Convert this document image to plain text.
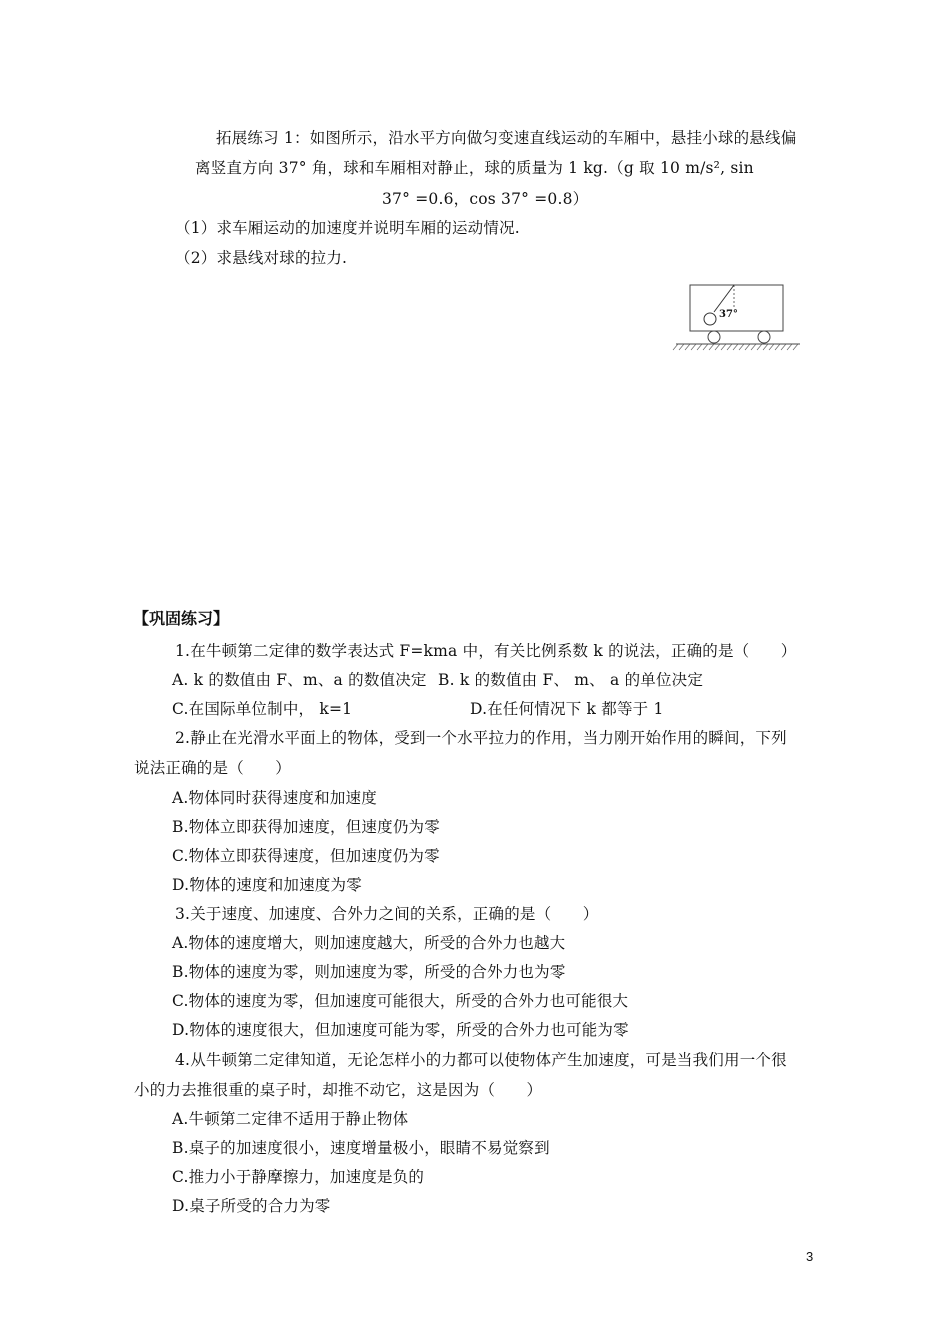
拓展练习 1：如图所示，沿水平方向做匀变速直线运动的车厢中，悬挂小球的悬线偏
离竖直方向 37° 角，球和车厢相对静止，球的质量为 1 kg.（g 取 10 m/s², sin
37° =0.6，cos 37° =0.8）
（1）求车厢运动的加速度并说明车厢的运动情况.
（2）求悬线对球的拉力.
37°
【巩固练习】
1.在牛顿第二定律的数学表达式 F=kma 中，有关比例系数 k 的说法，正确的是（　　）
A. k 的数值由 F、m、a 的数值决定 B. k 的数值由 F、 m、 a 的单位决定
C.在国际单位制中， k=1	D.在任何情况下 k 都等于 1
2.静止在光滑水平面上的物体，受到一个水平拉力的作用，当力刚开始作用的瞬间，下列
说法正确的是（　　）
A.物体同时获得速度和加速度
B.物体立即获得加速度，但速度仍为零
C.物体立即获得速度，但加速度仍为零
D.物体的速度和加速度为零
3.关于速度、加速度、合外力之间的关系，正确的是（　　）
A.物体的速度增大，则加速度越大，所受的合外力也越大
B.物体的速度为零，则加速度为零，所受的合外力也为零
C.物体的速度为零，但加速度可能很大，所受的合外力也可能很大
D.物体的速度很大，但加速度可能为零，所受的合外力也可能为零
4.从牛顿第二定律知道，无论怎样小的力都可以使物体产生加速度，可是当我们用一个很
小的力去推很重的桌子时，却推不动它，这是因为（　　）
A.牛顿第二定律不适用于静止物体
B.桌子的加速度很小，速度增量极小，眼睛不易觉察到
C.推力小于静摩擦力，加速度是负的
D.桌子所受的合力为零
3
